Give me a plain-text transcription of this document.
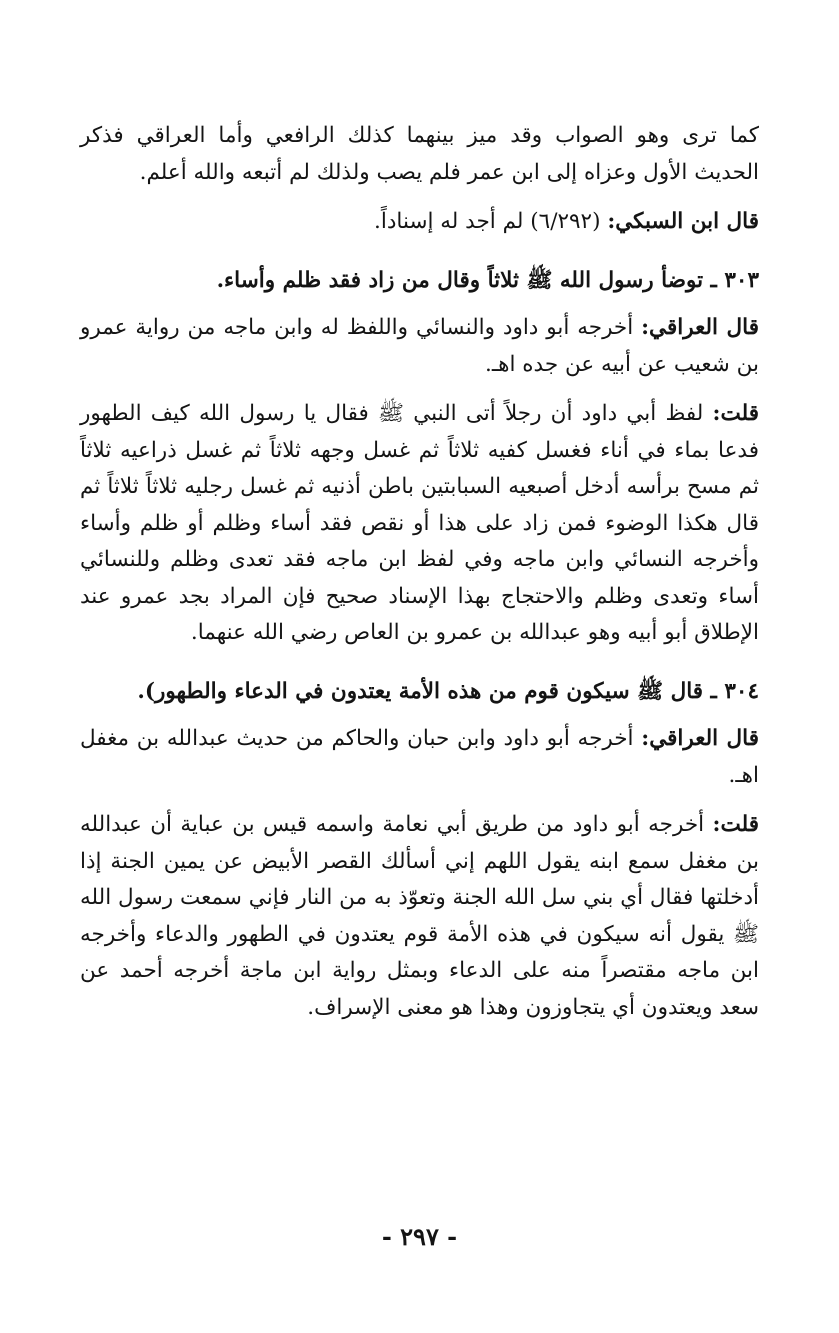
كما ترى وهو الصواب وقد ميز بينهما كذلك الرافعي وأما العراقي فذكر الحديث الأول وعزاه إلى ابن عمر فلم يصب ولذلك لم أتبعه والله أعلم.

قال ابن السبكي: (٦/٢٩٢) لم أجد له إسناداً.

٣٠٣ ـ توضأ رسول الله ﷺ ثلاثاً وقال من زاد فقد ظلم وأساء.

قال العراقي: أخرجه أبو داود والنسائي واللفظ له وابن ماجه من رواية عمرو بن شعيب عن أبيه عن جده اهـ.

قلت: لفظ أبي داود أن رجلاً أتى النبي ﷺ فقال يا رسول الله كيف الطهور فدعا بماء في أناء فغسل كفيه ثلاثاً ثم غسل وجهه ثلاثاً ثم غسل ذراعيه ثلاثاً ثم مسح برأسه أدخل أصبعيه السبابتين باطن أذنيه ثم غسل رجليه ثلاثاً ثلاثاً ثم قال هكذا الوضوء فمن زاد على هذا أو نقص فقد أساء وظلم أو ظلم وأساء وأخرجه النسائي وابن ماجه وفي لفظ ابن ماجه فقد تعدى وظلم وللنسائي أساء وتعدى وظلم والاحتجاج بهذا الإسناد صحيح فإن المراد بجد عمرو عند الإطلاق أبو أبيه وهو عبدالله بن عمرو بن العاص رضي الله عنهما.

٣٠٤ ـ قال ﷺ سيكون قوم من هذه الأمة يعتدون في الدعاء والطهور).

قال العراقي: أخرجه أبو داود وابن حبان والحاكم من حديث عبدالله بن مغفل اهـ.

قلت: أخرجه أبو داود من طريق أبي نعامة واسمه قيس بن عباية أن عبدالله بن مغفل سمع ابنه يقول اللهم إني أسألك القصر الأبيض عن يمين الجنة إذا أدخلتها فقال أي بني سل الله الجنة وتعوّذ به من النار فإني سمعت رسول الله ﷺ يقول أنه سيكون في هذه الأمة قوم يعتدون في الطهور والدعاء وأخرجه ابن ماجه مقتصراً منه على الدعاء وبمثل رواية ابن ماجة أخرجه أحمد عن سعد ويعتدون أي يتجاوزون وهذا هو معنى الإسراف.

- ٢٩٧ -
